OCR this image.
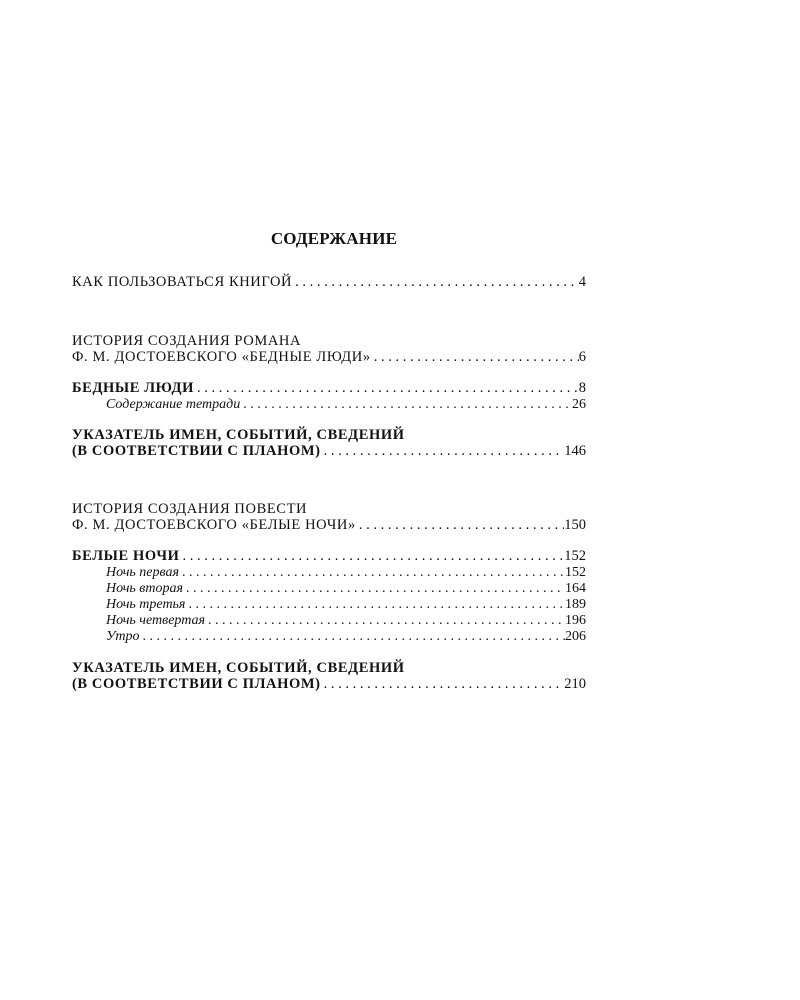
СОДЕРЖАНИЕ
КАК ПОЛЬЗОВАТЬСЯ КНИГОЙ . . .	4
ИСТОРИЯ СОЗДАНИЯ РОМАНА
Ф. М. ДОСТОЕВСКОГО «БЕДНЫЕ ЛЮДИ» . . .	6
БЕДНЫЕ ЛЮДИ . . .	8
Содержание тетради . . .	26
УКАЗАТЕЛЬ ИМЕН, СОБЫТИЙ, СВЕДЕНИЙ
(В СООТВЕТСТВИИ С ПЛАНОМ) . . .	146
ИСТОРИЯ СОЗДАНИЯ ПОВЕСТИ
Ф. М. ДОСТОЕВСКОГО «БЕЛЫЕ НОЧИ» . . .	150
БЕЛЫЕ НОЧИ . . .	152
Ночь первая . . .	152
Ночь вторая . . .	164
Ночь третья . . .	189
Ночь четвертая . . .	196
Утро . . .	206
УКАЗАТЕЛЬ ИМЕН, СОБЫТИЙ, СВЕДЕНИЙ
(В СООТВЕТСТВИИ С ПЛАНОМ) . . .	210
